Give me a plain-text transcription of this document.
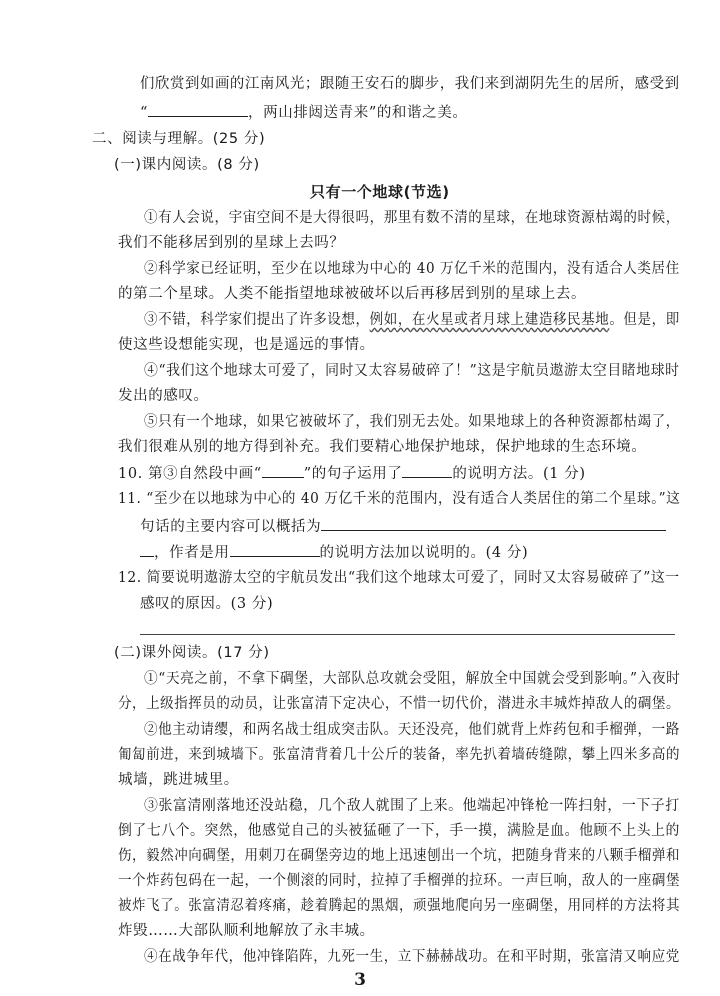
们欣赏到如画的江南风光；跟随王安石的脚步，我们来到湖阴先生的居所，感受到
“	，两山排闼送青来”的和谐之美。
二、阅读与理解。(25 分)
(一)课内阅读。(8 分)
只有一个地球(节选)
①有人会说，宇宙空间不是大得很吗，那里有数不清的星球，在地球资源枯竭的时候，
我们不能移居到别的星球上去吗？
②科学家已经证明，至少在以地球为中心的 40 万亿千米的范围内，没有适合人类居住
的第二个星球。人类不能指望地球被破坏以后再移居到别的星球上去。
③不错，科学家们提出了许多设想，例如，在火星或者月球上建造移民基地。但是，即
使这些设想能实现，也是遥远的事情。
④“我们这个地球太可爱了，同时又太容易破碎了！”这是宇航员遨游太空目睹地球时
发出的感叹。
⑤只有一个地球，如果它被破坏了，我们别无去处。如果地球上的各种资源都枯竭了，
我们很难从别的地方得到补充。我们要精心地保护地球，保护地球的生态环境。
10. 第③自然段中画“	”的句子运用了	的说明方法。(1 分)
11. “至少在以地球为中心的 40 万亿千米的范围内，没有适合人类居住的第二个星球。”这
句话的主要内容可以概括为
，作者是用	的说明方法加以说明的。(4 分)
12. 简要说明遨游太空的宇航员发出“我们这个地球太可爱了，同时又太容易破碎了”这一
感叹的原因。(3 分)
(二)课外阅读。(17 分)
①“天亮之前，不拿下碉堡，大部队总攻就会受阻，解放全中国就会受到影响。”入夜时
分，上级指挥员的动员，让张富清下定决心，不惜一切代价，潜进永丰城炸掉敌人的碉堡。
②他主动请缨，和两名战士组成突击队。天还没亮，他们就背上炸药包和手榴弹，一路
匍匐前进，来到城墙下。张富清背着几十公斤的装备，率先扒着墙砖缝隙，攀上四米多高的
城墙，跳进城里。
③张富清刚落地还没站稳，几个敌人就围了上来。他端起冲锋枪一阵扫射，一下子打
倒了七八个。突然，他感觉自己的头被猛砸了一下，手一摸，满脸是血。他顾不上头上的
伤，毅然冲向碉堡，用刺刀在碉堡旁边的地上迅速刨出一个坑，把随身背来的八颗手榴弹和
一个炸药包码在一起，一个侧滚的同时，拉掉了手榴弹的拉环。一声巨响，敌人的一座碉堡
被炸飞了。张富清忍着疼痛，趁着腾起的黑烟，顽强地爬向另一座碉堡，用同样的方法将其
炸毁……大部队顺利地解放了永丰城。
④在战争年代，他冲锋陷阵，九死一生，立下赫赫战功。在和平时期，张富清又响应党
3
